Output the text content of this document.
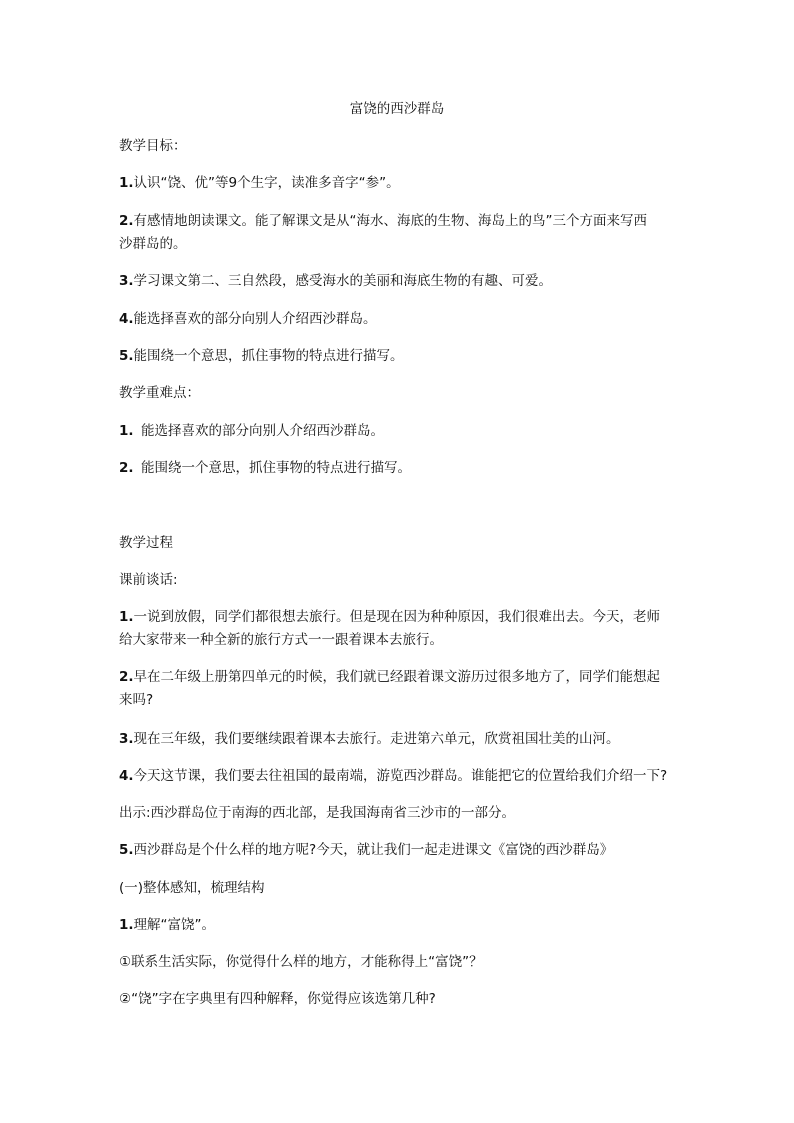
富饶的西沙群岛
教学目标：
1.认识“饶、优”等9个生字，读准多音字“参”。
2.有感情地朗读课文。能了解课文是从“海水、海底的生物、海岛上的鸟”三个方面来写西
沙群岛的。
3.学习课文第二、三自然段，感受海水的美丽和海底生物的有趣、可爱。
4.能选择喜欢的部分向别人介绍西沙群岛。
5.能围绕一个意思，抓住事物的特点进行描写。
教学重难点：
1. 能选择喜欢的部分向别人介绍西沙群岛。
2. 能围绕一个意思，抓住事物的特点进行描写。
教学过程
课前谈话:
1.一说到放假，同学们都很想去旅行。但是现在因为种种原因，我们很难出去。今天，老师
给大家带来一种全新的旅行方式一一跟着课本去旅行。
2.早在二年级上册第四单元的时候，我们就已经跟着课文游历过很多地方了，同学们能想起
来吗?
3.现在三年级，我们要继续跟着课本去旅行。走进第六单元，欣赏祖国壮美的山河。
4.今天这节课，我们要去往祖国的最南端，游览西沙群岛。谁能把它的位置给我们介绍一下?
出示:西沙群岛位于南海的西北部，是我国海南省三沙市的一部分。
5.西沙群岛是个什么样的地方呢?今天，就让我们一起走进课文《富饶的西沙群岛》
(一)整体感知，梳理结构
1.理解“富饶”。
①联系生活实际，你觉得什么样的地方，才能称得上“富饶”？
②“饶”字在字典里有四种解释，你觉得应该选第几种?
